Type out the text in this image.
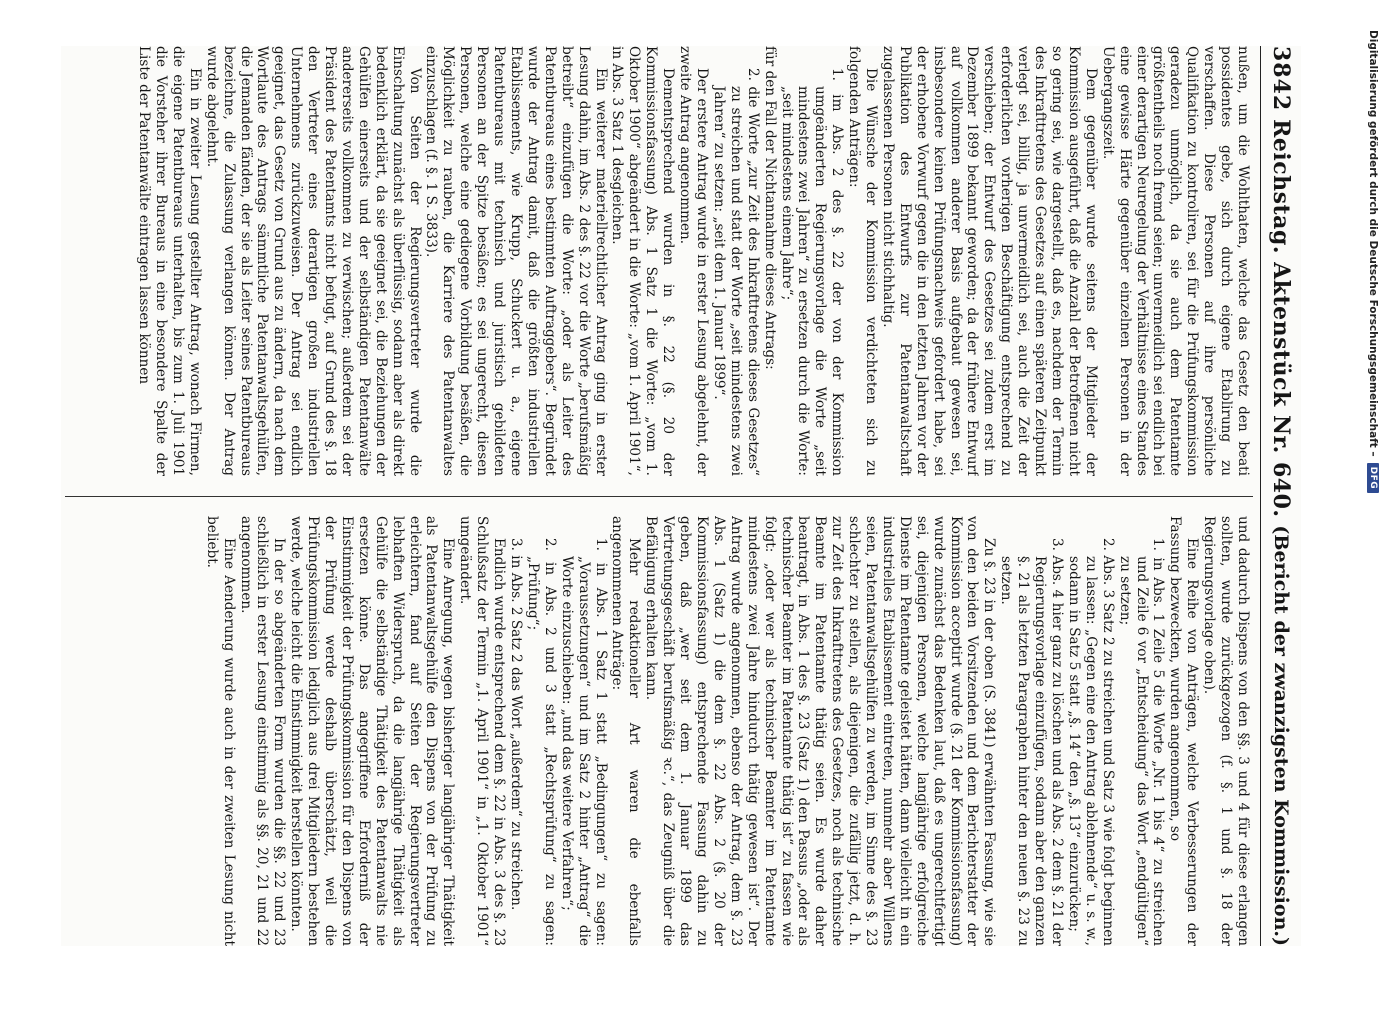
3842
Reichstag. Aktenstück Nr. 640.
(Bericht der zwanzigsten Kommission.)

nußen, um die Wohlthaten, welche das Gesetz den beati possidentes gebe, sich durch eigene Etablirung zu verschaffen. Diese Personen auf ihre persönliche Qualifikation zu kontroliren, sei für die Prüfungskommission geradezu unmöglich, da sie auch dem Patentamte größtentheils noch fremd seien; unvermeidlich sei endlich bei einer derartigen Neuregelung der Verhältnisse eines Standes eine gewisse Härte gegenüber einzelnen Personen in der Uebergangszeit.

Dem gegenüber wurde seitens der Mitglieder der Kommission ausgeführt, daß die Anzahl der Betroffenen nicht so gering sei, wie dargestellt, daß es, nachdem der Termin des Inkrafttretens des Gesetzes auf einen späteren Zeitpunkt verlegt sei, billig, ja unvermeidlich sei, auch die Zeit der erforderlichen vorherigen Beschäftigung entsprechend zu verschieben; der Entwurf des Gesetzes sei zudem erst im Dezember 1899 bekannt geworden; da der frühere Entwurf auf vollkommen anderer Basis aufgebaut gewesen sei, insbesondere keinen Prüfungsnachweis gefordert habe, sei der erhobene Vorwurf gegen die in den letzten Jahren vor der Publikation des Entwurfs zur Patentanwaltschaft zugelassenen Personen nicht stichhaltig.

Die Wünsche der Kommission verdichteten sich zu folgenden Anträgen:

1. im Abs. 2 des §. 22 der von der Kommission umgeänderten Regierungsvorlage die Worte „seit mindestens zwei Jahren“ zu ersetzen durch die Worte: „seit mindestens einem Jahre“;

für den Fall der Nichtannahme dieses Antrags:

2. die Worte „zur Zeit des Inkrafttretens dieses Gesetzes“ zu streichen und statt der Worte „seit mindestens zwei Jahren“ zu setzen: „seit dem 1. Januar 1899“.

Der erstere Antrag wurde in erster Lesung abgelehnt, der zweite Antrag angenommen.

Dementsprechend wurden in §. 22 (§. 20 der Kommissionsfassung) Abs. 1 Satz 1 die Worte: „vom 1. Oktober 1900“ abgeändert in die Worte: „vom 1. April 1901“, in Abs. 3 Satz 1 desgleichen.

Ein weiterer materiellrechtlicher Antrag ging in erster Lesung dahin, im Abs. 2 des §. 22 vor die Worte „berufsmäßig betreibt“ einzufügen die Worte: „oder als Leiter des Patentbureaus eines bestimmten Auftraggebers“. Begründet wurde der Antrag damit, daß die größten industriellen Etablissements, wie Krupp, Schuckert u. a., eigene Patentbureaus mit technisch und juristisch gebildeten Personen an der Spitze besäßen; es sei ungerecht, diesen Personen, welche eine gediegene Vorbildung besäßen, die Möglichkeit zu rauben, die Karriere des Patentanwaltes einzuschlagen (f. §. 1 S. 3833).

Von Seiten der Regierungsvertreter wurde die Einschaltung zunächst als überflüssig, sodann aber als direkt bedenklich erklärt, da sie geeignet sei, die Beziehungen der Gehülfen einerseits und der selbständigen Patentanwälte andererseits vollkommen zu verwischen; außerdem sei der Präsident des Patentamts nicht befugt, auf Grund des §. 18 den Vertreter eines derartigen großen industriellen Unternehmens zurückzuweisen. Der Antrag sei endlich geeignet, das Gesetz von Grund aus zu ändern, da nach dem Wortlaute des Antrags sämmtliche Patentanwaltsgehülfen, die Jemanden fänden, der sie als Leiter seines Patentbureaus bezeichne, die Zulassung verlangen können. Der Antrag wurde abgelehnt.

Ein in zweiter Lesung gestellter Antrag, wonach Firmen, die eigene Patentbureaus unterhalten, bis zum 1. Juli 1901 die Vorsteher ihrer Bureaus in eine besondere Spalte der Liste der Patentanwälte eintragen lassen können

und dadurch Dispens von den §§. 3 und 4 für diese erlangen sollten, wurde zurückgezogen (f. §. 1 und §. 18 der Regierungsvorlage oben).

Eine Reihe von Anträgen, welche Verbesserungen der Fassung bezweckten, wurden angenommen, so

1. in Abs. 1 Zeile 5 die Worte „Nr. 1 bis 4“ zu streichen und Zeile 6 vor „Entscheidung“ das Wort „endgültigen“ zu setzen;

2. Abs. 3 Satz 2 zu streichen und Satz 3 wie folgt beginnen zu lassen: „Gegen eine den Antrag ablehnende“ u. s. w., sodann in Satz 5 statt „§. 14“ den „§. 13“ einzurücken;

3. Abs. 4 hier ganz zu löschen und als Abs. 2 dem §. 21 der Regierungsvorlage einzufügen, sodann aber den ganzen §. 21 als letzten Paragraphen hinter den neuen §. 23 zu setzen.

Zu §. 23 in der oben (S. 3841) erwähnten Fassung, wie sie von den beiden Vorsitzenden und dem Berichterstatter der Kommission acceptirt wurde (§. 21 der Kommissionsfassung) wurde zunächst das Bedenken laut, daß es ungerechtfertigt sei, diejenigen Personen, welche langjährige erfolgreiche Dienste im Patentamte geleistet hätten, dann vielleicht in ein industrielles Etablissement eintreten, nunmehr aber Willens seien, Patentanwaltsgehülfen zu werden, im Sinne des §. 23 schlechter zu stellen, als diejenigen, die zufällig jetzt, d. h. zur Zeit des Inkrafttretens des Gesetzes, noch als technische Beamte im Patentamte thätig seien. Es wurde daher beantragt, in Abs. 1 des §. 23 (Satz 1) den Passus „oder als technischer Beamter im Patentamte thätig ist“ zu fassen wie folgt: „oder wer als technischer Beamter im Patentamte mindestens zwei Jahre hindurch thätig gewesen ist“. Der Antrag wurde angenommen, ebenso der Antrag, dem §. 23 Abs. 1 (Satz 1) die dem §. 22 Abs. 2 (§. 20 der Kommissionsfassung) entsprechende Fassung dahin zu geben, daß „wer seit dem 1. Januar 1899 das Vertretungsgeschäft berufsmäßig ꝛc.“, das Zeugniß über die Befähigung erhalten kann.

Mehr redaktioneller Art waren die ebenfalls angenommenen Anträge:

1. in Abs. 1 Satz 1 statt „Bedingungen“ zu sagen: „Voraussetzungen“ und im Satz 2 hinter „Antrag“ die Worte einzuschieben: „und das weitere Verfahren“;

2. in Abs. 2 und 3 statt „Rechtsprüfung“ zu sagen: „Prüfung“;

3. in Abs. 2 Satz 2 das Wort „außerdem“ zu streichen.

Endlich wurde entsprechend dem §. 22 in Abs. 3 des §. 23 Schlußsatz der Termin „1. April 1901“ in „1. Oktober 1901“ umgeändert.

Eine Anregung, wegen bisheriger langjähriger Thätigkeit als Patentanwaltsgehülfe den Dispens von der Prüfung zu erleichtern, fand auf Seiten der Regierungsvertreter lebhaften Widerspruch, da die langjährige Thätigkeit als Gehülfe die selbständige Thätigkeit des Patentanwalts nie ersetzen könne. Das angegriffene Erforderniß der Einstimmigkeit der Prüfungskommission für den Dispens von der Prüfung werde deshalb überschätzt, weil die Prüfungskommission lediglich aus drei Mitgliedern bestehen werde, welche leicht die Einstimmigkeit herstellen könnten.

In der so abgeänderten Form wurden die §§. 22 und 23 schließlich in erster Lesung einstimmig als §§. 20, 21 und 22 angenommen.

Eine Aenderung wurde auch in der zweiten Lesung nicht beliebt.

Digitalisierung gefördert durch die Deutsche Forschungsgemeinschaft –
DFG
